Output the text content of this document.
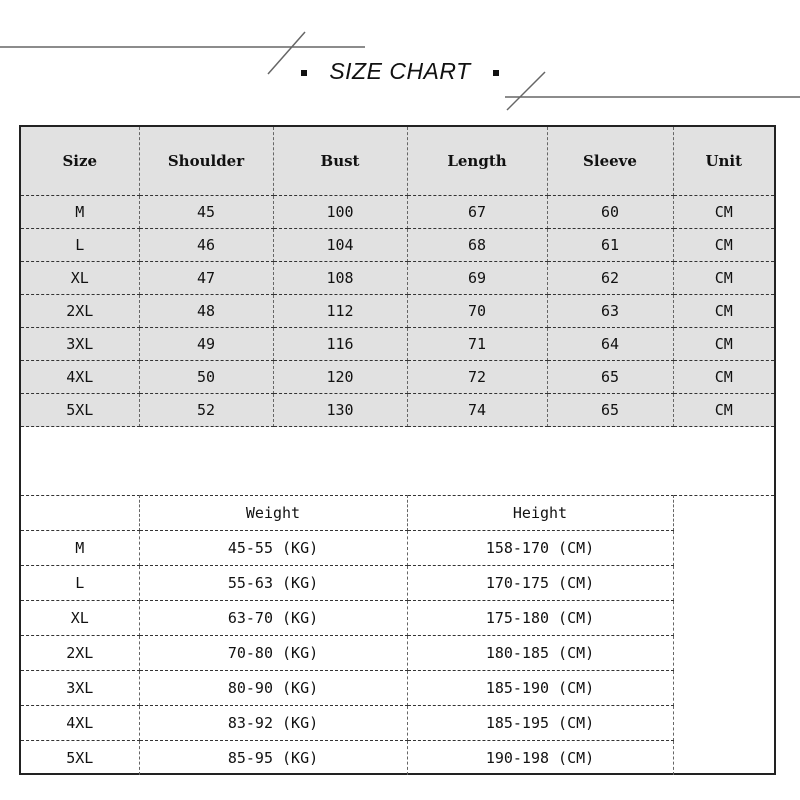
SIZE CHART
Size	Shoulder	Bust	Length	Sleeve	Unit
M	45	100	67	60	CM
L	46	104	68	61	CM
XL	47	108	69	62	CM
2XL	48	112	70	63	CM
3XL	49	116	71	64	CM
4XL	50	120	72	65	CM
5XL	52	130	74	65	CM
	Weight	Height	
M	45-55 (KG)	158-170 (CM)	
L	55-63 (KG)	170-175 (CM)	
XL	63-70 (KG)	175-180 (CM)	
2XL	70-80 (KG)	180-185 (CM)	
3XL	80-90 (KG)	185-190 (CM)	
4XL	83-92 (KG)	185-195 (CM)	
5XL	85-95 (KG)	190-198 (CM)	
